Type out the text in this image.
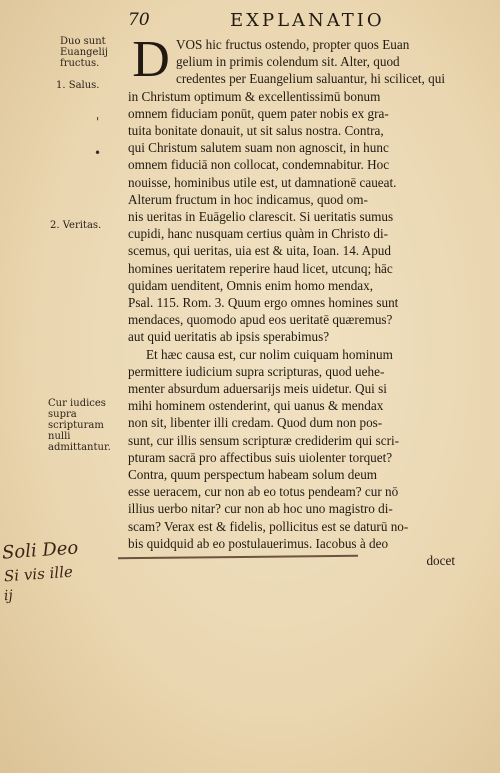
70	EXPLANATIO
Duo sunt Euangelij fructus.
1. Salus.
2. Veritas.
Cur iudices supra scripturam nulli admittantur.
'
•
D VOS hic fructus ostendo, propter quos Euan
gelium in primis colendum sit. Alter, quod
credentes per Euangelium saluantur, hi scilicet, qui
in Christum optimum & excellentissimū bonum
omnem fiduciam ponūt, quem pater nobis ex gra-
tuita bonitate donauit, ut sit salus nostra. Contra,
qui Christum salutem suam non agnoscit, in hunc
omnem fiduciā non collocat, condemnabitur. Hoc
nouisse, hominibus utile est, ut damnationē caueat.
Alterum fructum in hoc indicamus, quod om-
nis ueritas in Euāgelio clarescit. Si ueritatis sumus
cupidi, hanc nusquam certius quàm in Christo di-
scemus, qui ueritas, uia est & uita, Ioan. 14. Apud
homines ueritatem reperire haud licet, utcunq; hāc
quidam uenditent, Omnis enim homo mendax,
Psal. 115. Rom. 3. Quum ergo omnes homines sunt
mendaces, quomodo apud eos ueritatē quæremus?
aut quid ueritatis ab ipsis sperabimus?
Et hæc causa est, cur nolim cuiquam hominum
permittere iudicium supra scripturas, quod uehe-
menter absurdum aduersarijs meis uidetur. Qui si
mihi hominem ostenderint, qui uanus & mendax
non sit, libenter illi credam. Quod dum non pos-
sunt, cur illis sensum scripturæ crediderim qui scri-
pturam sacrā pro affectibus suis uiolenter torquet?
Contra, quum perspectum habeam solum deum
esse ueracem, cur non ab eo totus pendeam? cur nō
illius uerbo nitar? cur non ab hoc uno magistro di-
scam? Verax est & fidelis, pollicitus est se daturū no-
bis quidquid ab eo postulauerimus. Iacobus à deo
docet
Soli Deo
Si vis ille
ij
